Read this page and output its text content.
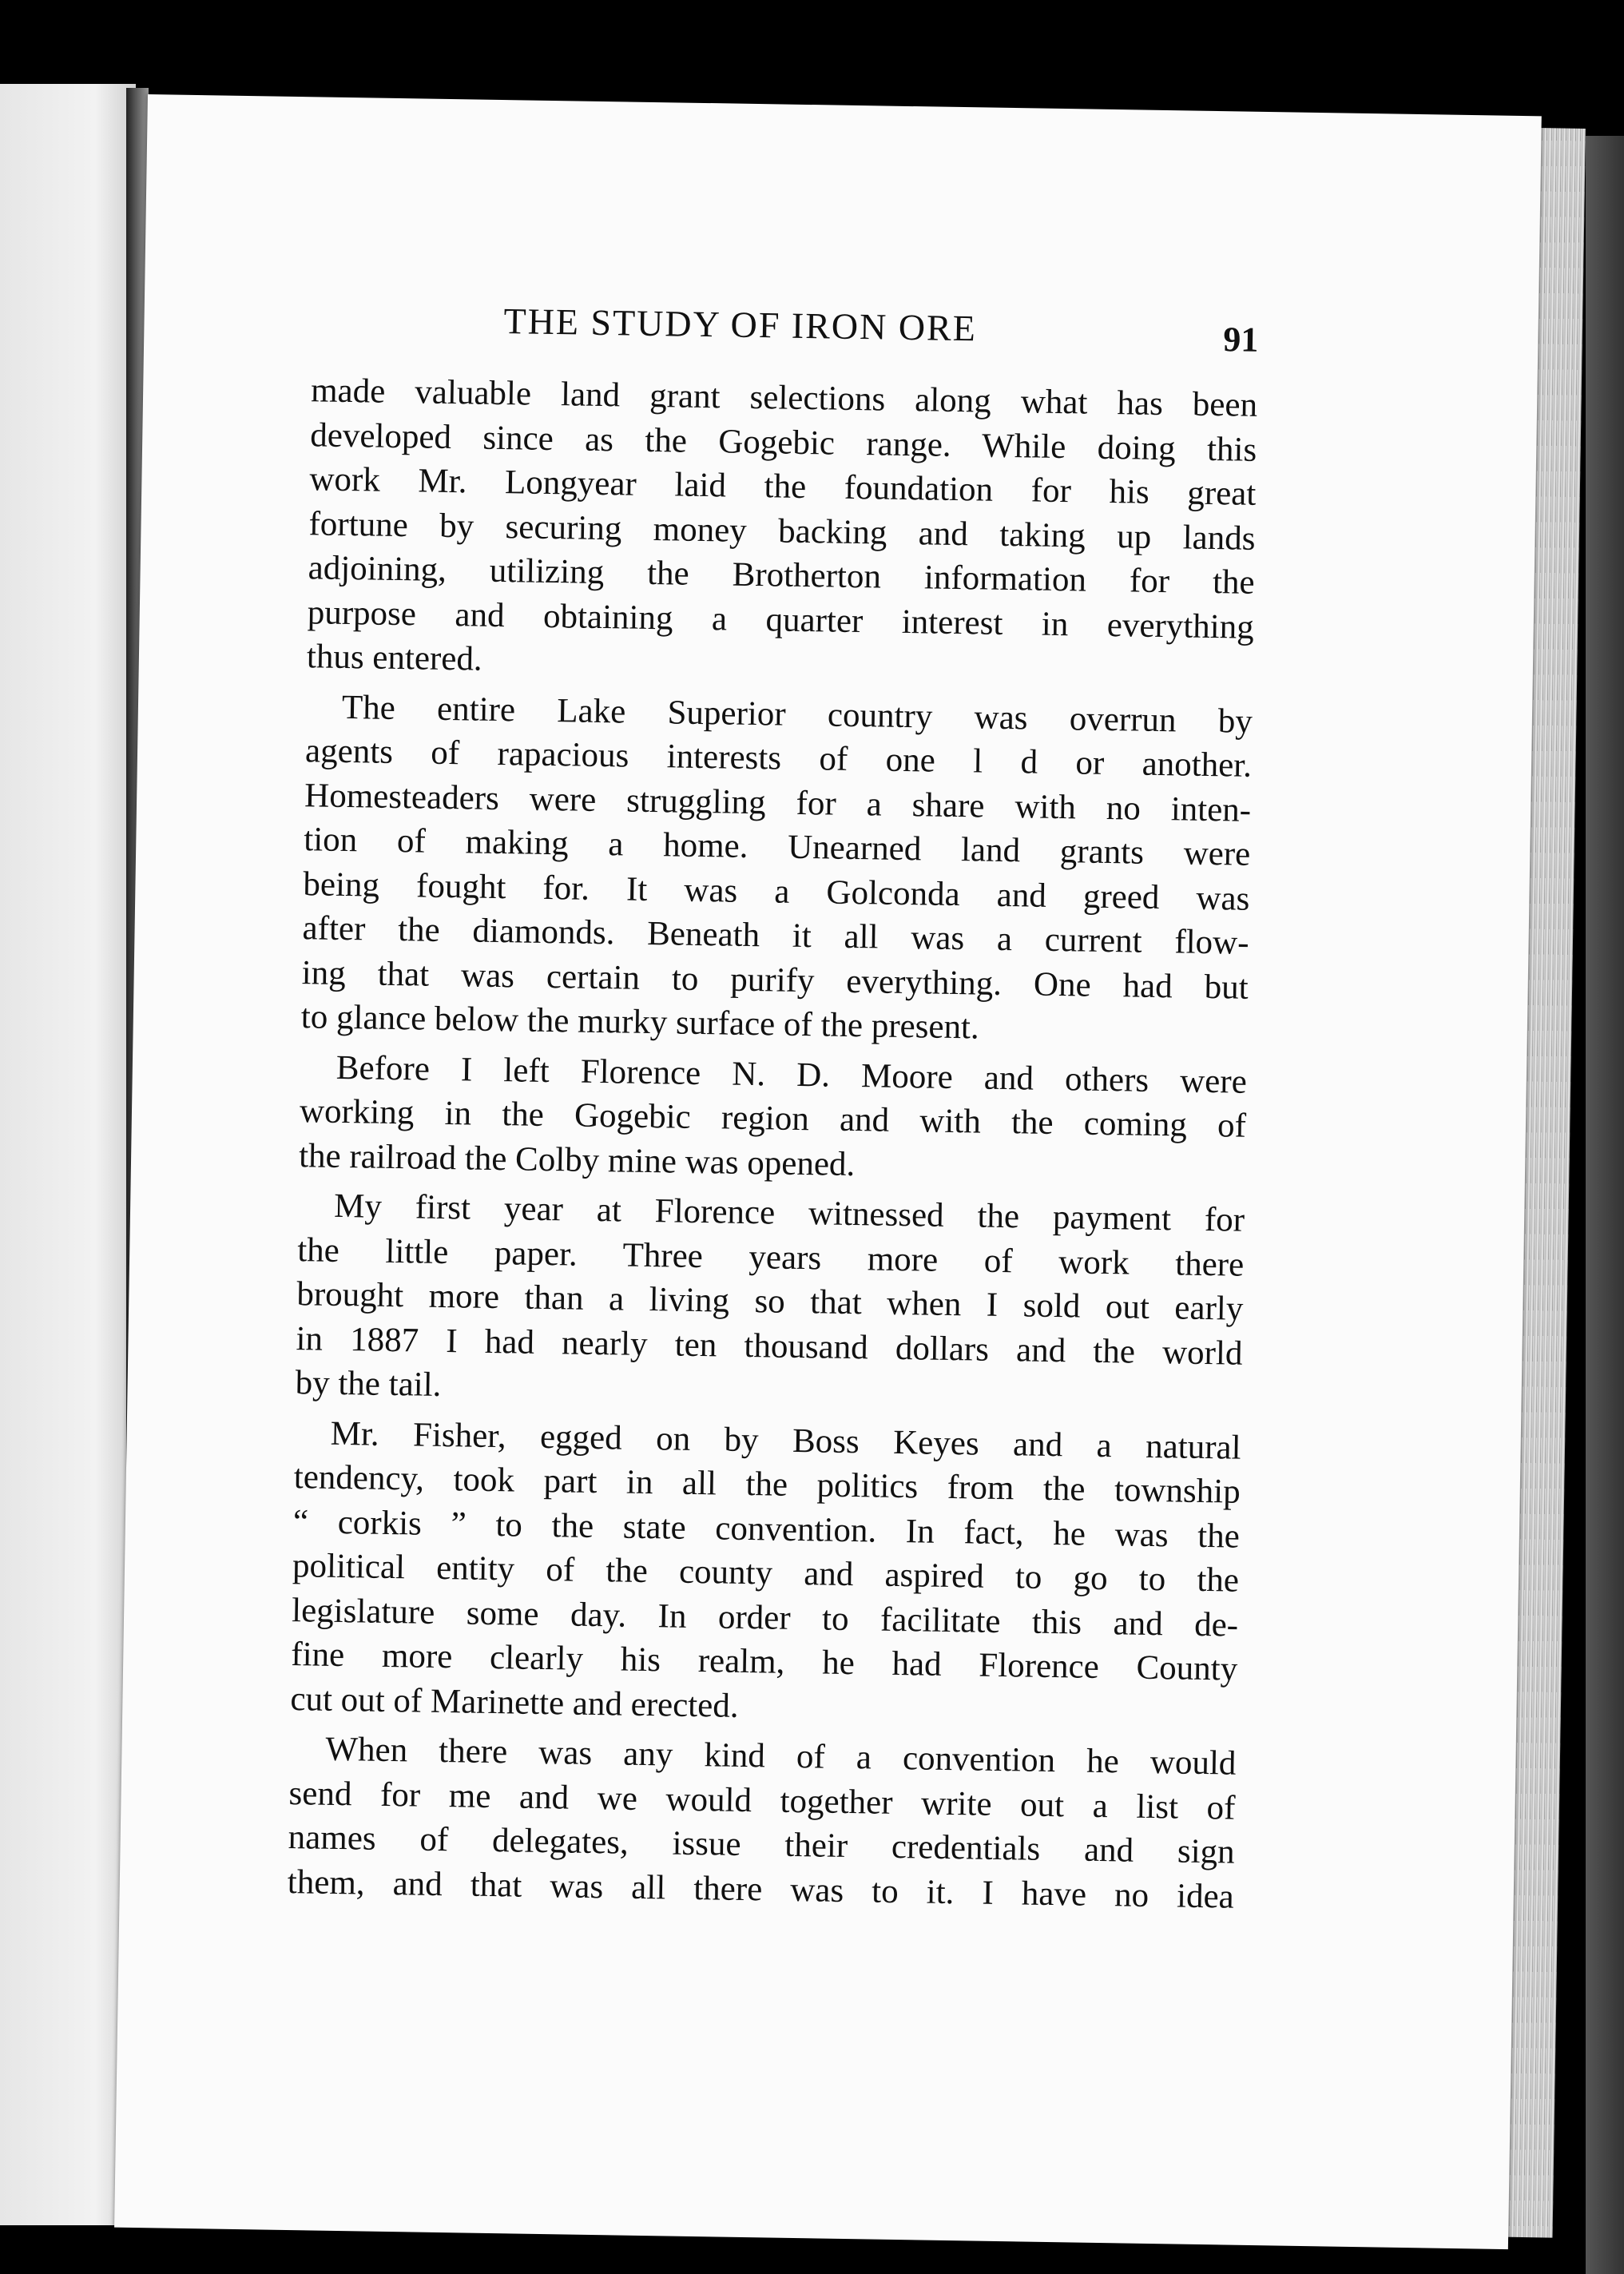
THE STUDY OF IRON ORE	91
made valuable land grant selections along what has been
developed since as the Gogebic range. While doing this
work Mr. Longyear laid the foundation for his great
fortune by securing money backing and taking up lands
adjoining, utilizing the Brotherton information for the
purpose and obtaining a quarter interest in everything
thus entered.
The entire Lake Superior country was overrun by
agents of rapacious interests of one l d or another.
Homesteaders were struggling for a share with no inten-
tion of making a home. Unearned land grants were
being fought for. It was a Golconda and greed was
after the diamonds. Beneath it all was a current flow-
ing that was certain to purify everything. One had but
to glance below the murky surface of the present.
Before I left Florence N. D. Moore and others were
working in the Gogebic region and with the coming of
the railroad the Colby mine was opened.
My first year at Florence witnessed the payment for
the little paper. Three years more of work there
brought more than a living so that when I sold out early
in 1887 I had nearly ten thousand dollars and the world
by the tail.
Mr. Fisher, egged on by Boss Keyes and a natural
tendency, took part in all the politics from the township
“ corkis ” to the state convention. In fact, he was the
political entity of the county and aspired to go to the
legislature some day. In order to facilitate this and de-
fine more clearly his realm, he had Florence County
cut out of Marinette and erected.
When there was any kind of a convention he would
send for me and we would together write out a list of
names of delegates, issue their credentials and sign
them, and that was all there was to it. I have no idea
